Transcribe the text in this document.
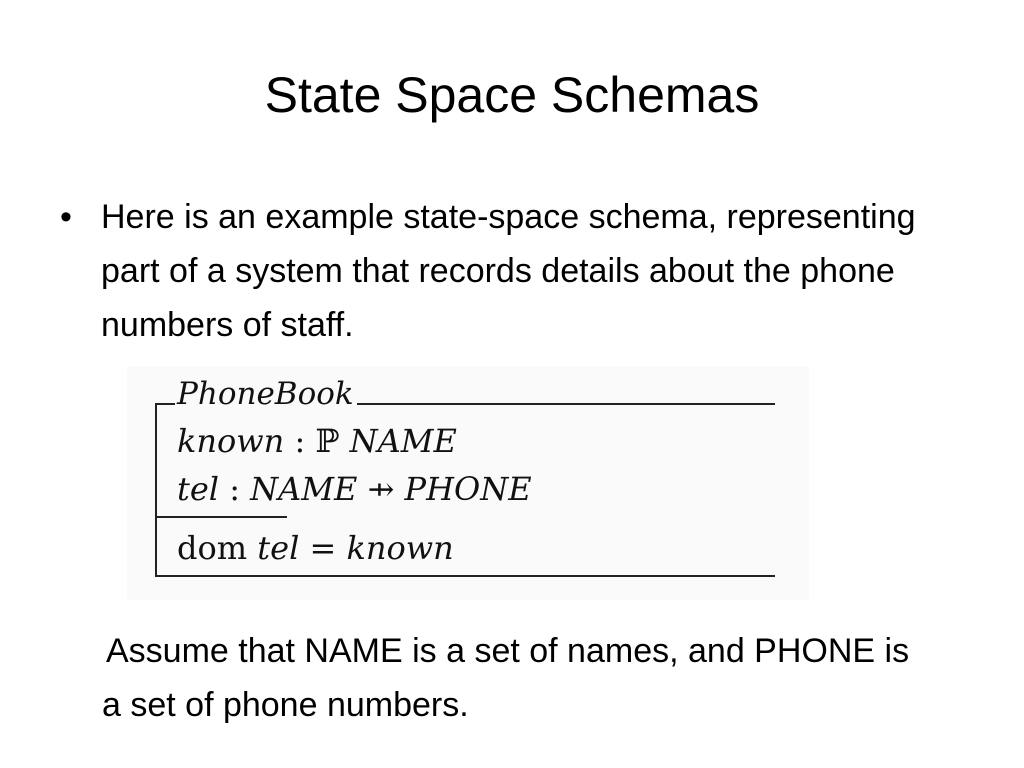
State Space Schemas
• Here is an example state-space schema, representing part of a system that records details about the phone numbers of staff.
PhoneBook
known : ℙ NAME
tel : NAME ⇸ PHONE
dom tel = known
Assume that NAME is a set of names, and PHONE is a set of phone numbers.
